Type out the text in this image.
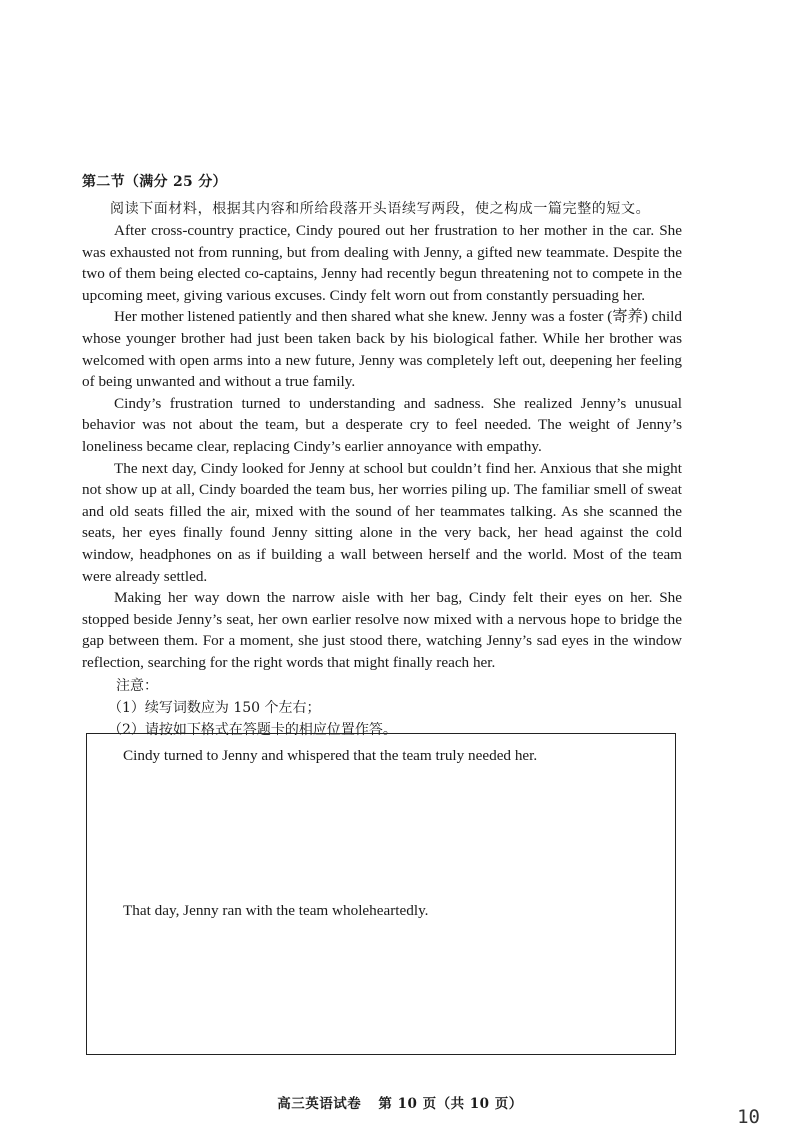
第二节（满分 25 分）

阅读下面材料，根据其内容和所给段落开头语续写两段，使之构成一篇完整的短文。

After cross-country practice, Cindy poured out her frustration to her mother in the car. She was exhausted not from running, but from dealing with Jenny, a gifted new teammate. Despite the two of them being elected co-captains, Jenny had recently begun threatening not to compete in the upcoming meet, giving various excuses. Cindy felt worn out from constantly persuading her.

Her mother listened patiently and then shared what she knew. Jenny was a foster (寄养) child whose younger brother had just been taken back by his biological father. While her brother was welcomed with open arms into a new future, Jenny was completely left out, deepening her feeling of being unwanted and without a true family.

Cindy’s frustration turned to understanding and sadness. She realized Jenny’s unusual behavior was not about the team, but a desperate cry to feel needed. The weight of Jenny’s loneliness became clear, replacing Cindy’s earlier annoyance with empathy.

The next day, Cindy looked for Jenny at school but couldn’t find her. Anxious that she might not show up at all, Cindy boarded the team bus, her worries piling up. The familiar smell of sweat and old seats filled the air, mixed with the sound of her teammates talking. As she scanned the seats, her eyes finally found Jenny sitting alone in the very back, her head against the cold window, headphones on as if building a wall between herself and the world. Most of the team were already settled.

Making her way down the narrow aisle with her bag, Cindy felt their eyes on her. She stopped beside Jenny’s seat, her own earlier resolve now mixed with a nervous hope to bridge the gap between them. For a moment, she just stood there, watching Jenny’s sad eyes in the window reflection, searching for the right words that might finally reach her.

注意：
（1）续写词数应为 150 个左右；
（2）请按如下格式在答题卡的相应位置作答。
Cindy turned to Jenny and whispered that the team truly needed her.
That day, Jenny ran with the team wholeheartedly.
高三英语试卷 第 10 页（共 10 页）
10
